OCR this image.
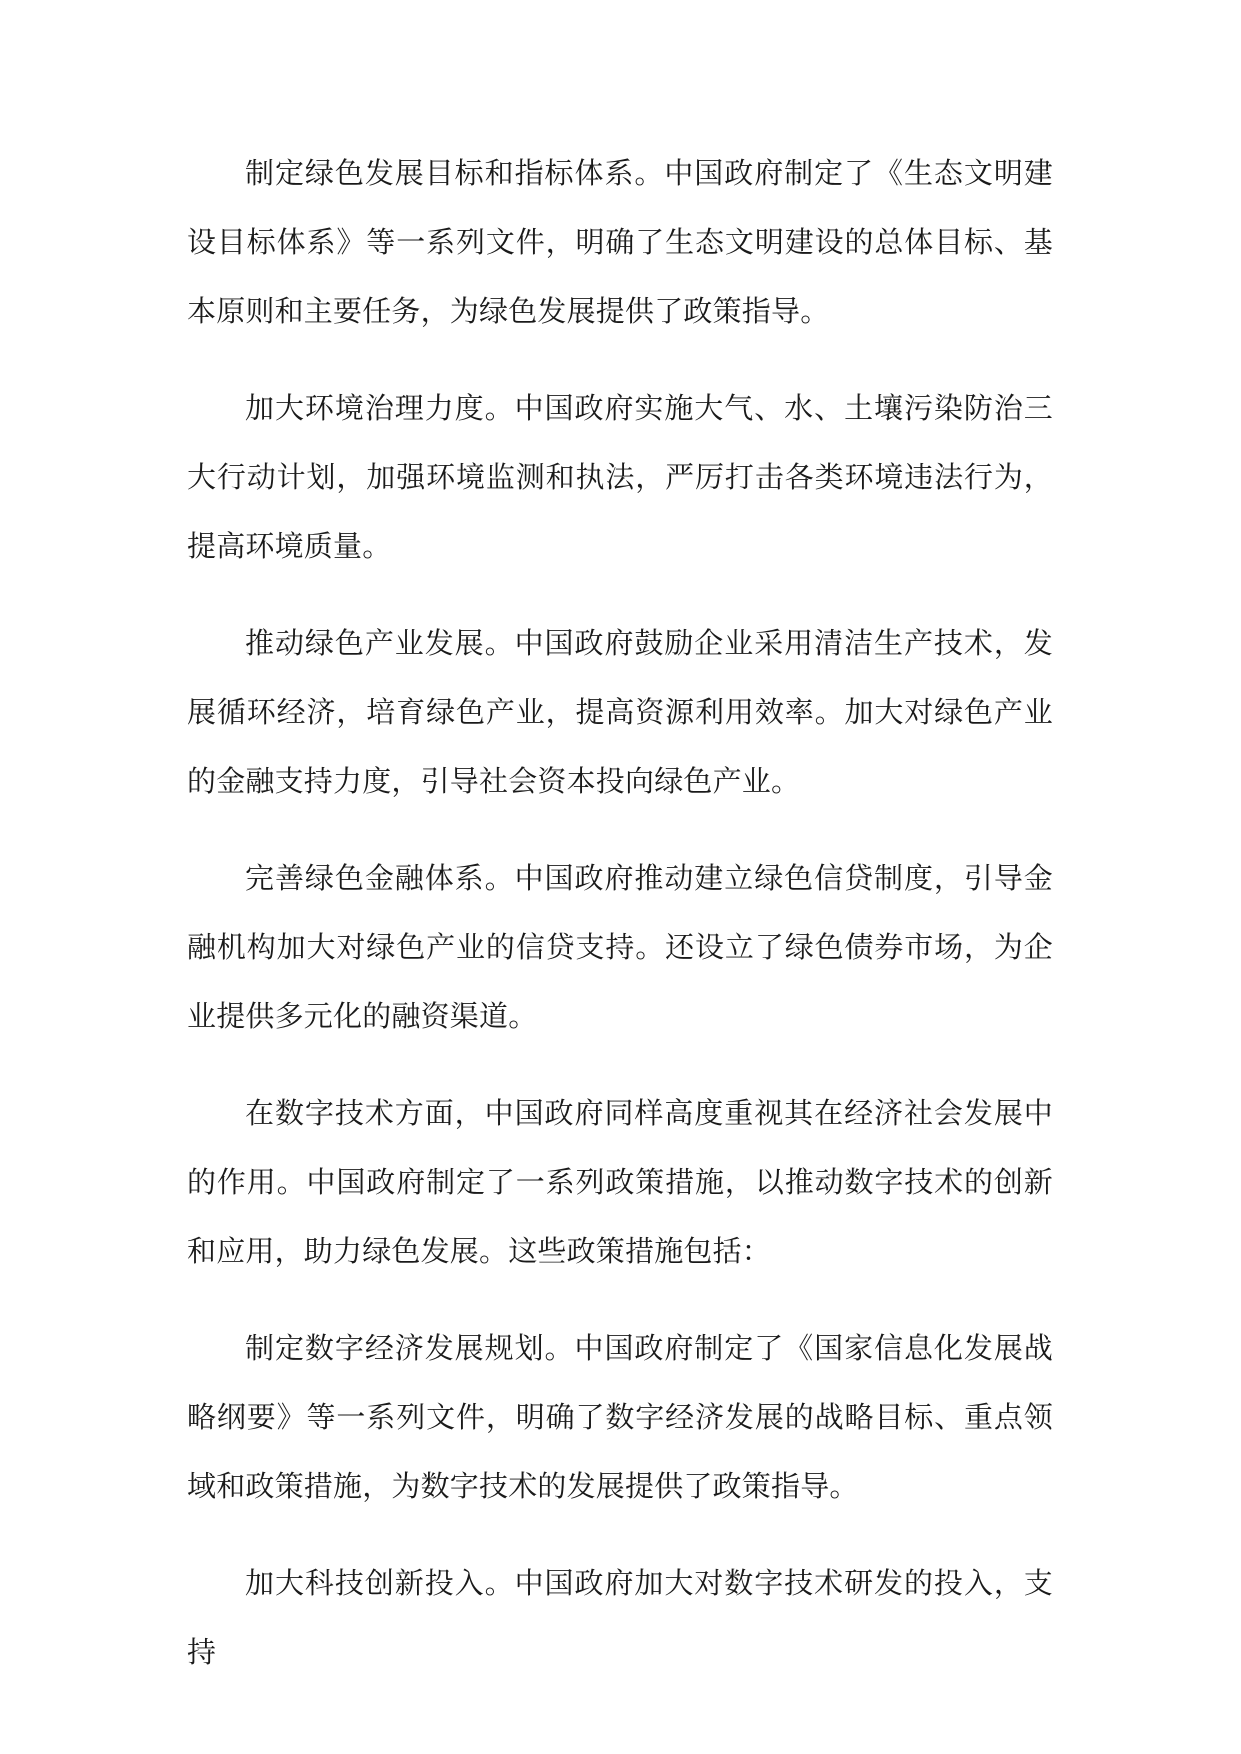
制定绿色发展目标和指标体系。中国政府制定了《生态文明建设目标体系》等一系列文件，明确了生态文明建设的总体目标、基本原则和主要任务，为绿色发展提供了政策指导。

加大环境治理力度。中国政府实施大气、水、土壤污染防治三大行动计划，加强环境监测和执法，严厉打击各类环境违法行为，提高环境质量。

推动绿色产业发展。中国政府鼓励企业采用清洁生产技术，发展循环经济，培育绿色产业，提高资源利用效率。加大对绿色产业的金融支持力度，引导社会资本投向绿色产业。

完善绿色金融体系。中国政府推动建立绿色信贷制度，引导金融机构加大对绿色产业的信贷支持。还设立了绿色债券市场，为企业提供多元化的融资渠道。

在数字技术方面，中国政府同样高度重视其在经济社会发展中的作用。中国政府制定了一系列政策措施，以推动数字技术的创新和应用，助力绿色发展。这些政策措施包括：

制定数字经济发展规划。中国政府制定了《国家信息化发展战略纲要》等一系列文件，明确了数字经济发展的战略目标、重点领域和政策措施，为数字技术的发展提供了政策指导。

加大科技创新投入。中国政府加大对数字技术研发的投入，支持
